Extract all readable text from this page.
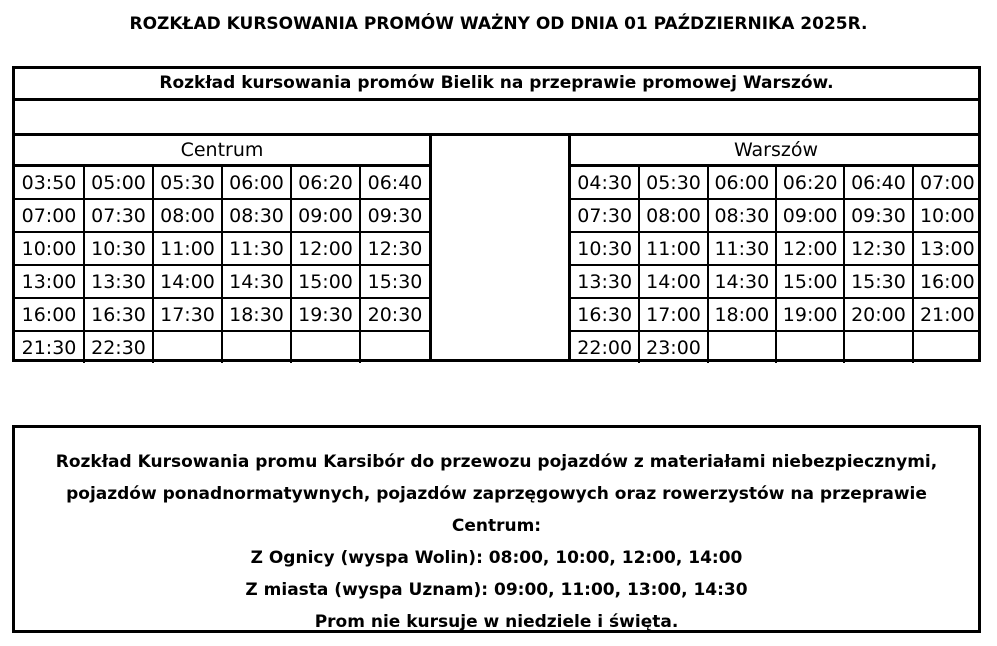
ROZKŁAD KURSOWANIA PROMÓW WAŻNY OD DNIA 01 PAŹDZIERNIKA 2025R.
Rozkład kursowania promów Bielik na przeprawie promowej Warszów.
Centrum
03:50	05:00	05:30	06:00	06:20	06:40
07:00	07:30	08:00	08:30	09:00	09:30
10:00	10:30	11:00	11:30	12:00	12:30
13:00	13:30	14:00	14:30	15:00	15:30
16:00	16:30	17:30	18:30	19:30	20:30
21:30	22:30				
Warszów
04:30	05:30	06:00	06:20	06:40	07:00
07:30	08:00	08:30	09:00	09:30	10:00
10:30	11:00	11:30	12:00	12:30	13:00
13:30	14:00	14:30	15:00	15:30	16:00
16:30	17:00	18:00	19:00	20:00	21:00
22:00	23:00				
Rozkład Kursowania promu Karsibór do przewozu pojazdów z materiałami niebezpiecznymi, pojazdów ponadnormatywnych, pojazdów zaprzęgowych oraz rowerzystów na przeprawie Centrum:
Z Ognicy (wyspa Wolin): 08:00, 10:00, 12:00, 14:00
Z miasta (wyspa Uznam): 09:00, 11:00, 13:00, 14:30
Prom nie kursuje w niedziele i święta.
